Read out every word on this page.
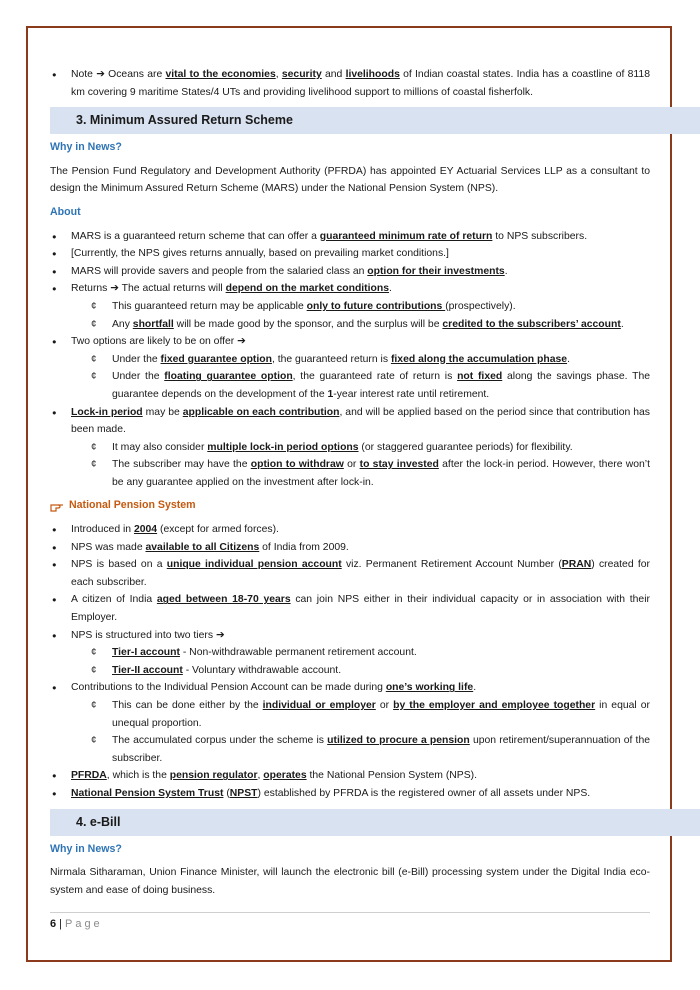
● Note ➔ Oceans are vital to the economies, security and livelihoods of Indian coastal states. India has a coastline of 8118 km covering 9 maritime States/4 UTs and providing livelihood support to millions of coastal fisherfolk.

3. Minimum Assured Return Scheme

Why in News?

The Pension Fund Regulatory and Development Authority (PFRDA) has appointed EY Actuarial Services LLP as a consultant to design the Minimum Assured Return Scheme (MARS) under the National Pension System (NPS).

About

● MARS is a guaranteed return scheme that can offer a guaranteed minimum rate of return to NPS subscribers.

● [Currently, the NPS gives returns annually, based on prevailing market conditions.]

● MARS will provide savers and people from the salaried class an option for their investments.

● Returns ➔ The actual returns will depend on the market conditions.

¢ This guaranteed return may be applicable only to future contributions (prospectively).

¢ Any shortfall will be made good by the sponsor, and the surplus will be credited to the subscribers’ account.

● Two options are likely to be on offer ➔

¢ Under the fixed guarantee option, the guaranteed return is fixed along the accumulation phase.

¢ Under the floating guarantee option, the guaranteed rate of return is not fixed along the savings phase. The guarantee depends on the development of the 1-year interest rate until retirement.

● Lock-in period may be applicable on each contribution, and will be applied based on the period since that contribution has been made.

¢ It may also consider multiple lock-in period options (or staggered guarantee periods) for flexibility.

¢ The subscriber may have the option to withdraw or to stay invested after the lock-in period. However, there won’t be any guarantee applied on the investment after lock-in.

National Pension System

● Introduced in 2004 (except for armed forces).

● NPS was made available to all Citizens of India from 2009.

● NPS is based on a unique individual pension account viz. Permanent Retirement Account Number (PRAN) created for each subscriber.

● A citizen of India aged between 18-70 years can join NPS either in their individual capacity or in association with their Employer.

● NPS is structured into two tiers ➔

¢ Tier-I account - Non-withdrawable permanent retirement account.

¢ Tier-II account - Voluntary withdrawable account.

● Contributions to the Individual Pension Account can be made during one’s working life.

¢ This can be done either by the individual or employer or by the employer and employee together in equal or unequal proportion.

¢ The accumulated corpus under the scheme is utilized to procure a pension upon retirement/superannuation of the subscriber.

● PFRDA, which is the pension regulator, operates the National Pension System (NPS).

● National Pension System Trust (NPST) established by PFRDA is the registered owner of all assets under NPS.

4. e-Bill

Why in News?

Nirmala Sitharaman, Union Finance Minister, will launch the electronic bill (e-Bill) processing system under the Digital India eco-system and ease of doing business.

6 | Page
